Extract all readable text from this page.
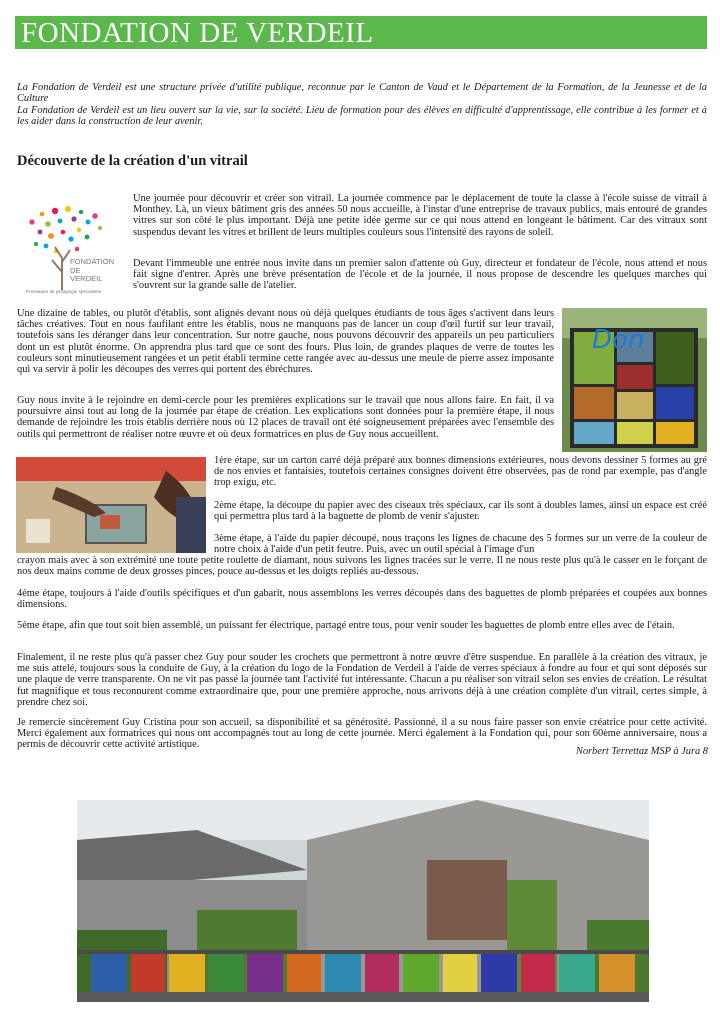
FONDATION DE VERDEIL

La Fondation de Verdeil est une structure privée d'utilité publique, reconnue par le Canton de Vaud et le Département de la Formation, de la Jeunesse et de la Culture

La Fondation de Verdeil est un lieu ouvert sur la vie, sur la société. Lieu de formation pour des élèves en difficulté d'apprentissage, elle contribue à les former et à les aider dans la construction de leur avenir.

Découverte de la création d'un vitrail
FONDATION
DE
VERDEIL
Prestataire de pédagogie spécialisée

Une journée pour découvrir et créer son vitrail. La journée commence par le déplacement de toute la classe à l'école suisse de vitrail à Monthey. Là, un vieux bâtiment gris des années 50 nous accueille, à l'instar d'une entreprise de travaux publics, mais entouré de grandes vitres sur son côté le plus important. Déjà une petite idée germe sur ce qui nous attend en longeant le bâtiment. Car des vitraux sont suspendus devant les vitres et brillent de leurs multiples couleurs sous l'intensité des rayons de soleil.

Devant l'immeuble une entrée nous invite dans un premier salon d'attente où Guy, directeur et fondateur de l'école, nous attend et nous fait signe d'entrer. Après une brève présentation de l'école et de la journée, il nous propose de descendre les quelques marches qui s'ouvrent sur la grande salle de l'atelier.

Don

Une dizaine de tables, ou plutôt d'établis, sont alignés devant nous où déjà quelques étudiants de tous âges s'activent dans leurs tâches créatives. Tout en nous faufilant entre les établis, nous ne manquons pas de lancer un coup d'œil furtif sur leur travail, toutefois sans les déranger dans leur concentration. Sur notre gauche, nous pouvons découvrir des appareils un peu particuliers dont un est plutôt énorme. On apprendra plus tard que ce sont des fours. Plus loin, de grandes plaques de verre de toutes les couleurs sont minutieusement rangées et un petit établi termine cette rangée avec au-dessus une meule de pierre assez imposante qui va servir à polir les découpes des verres qui portent des ébréchures.

Guy nous invite à le rejoindre en demi-cercle pour les premières explications sur le travail que nous allons faire. En fait, il va poursuivre ainsi tout au long de la journée par étape de création. Les explications sont données pour la première étape, il nous demande de rejoindre les trois établis derrière nous où 12 places de travail ont été soigneusement préparées avec l'ensemble des outils qui permettront de réaliser notre œuvre et où deux formatrices en plus de Guy nous accueillent.

1ère étape, sur un carton carré déjà préparé aux bonnes dimensions extérieures, nous devons dessiner 5 formes au gré de nos envies et fantaisies, toutefois certaines consignes doivent être observées, pas de rond par exemple, pas d'angle trop exigu, etc.

2ème étape, la découpe du papier avec des ciseaux très spéciaux, car ils sont à doubles lames, ainsi un espace est créé qui permettra plus tard à la baguette de plomb de venir s'ajuster.

3ème étape, à l'aide du papier découpé, nous traçons les lignes de chacune des 5 formes sur un verre de la couleur de notre choix à l'aide d'un petit feutre. Puis, avec un outil spécial à l'image d'un

crayon mais avec à son extrémité une toute petite roulette de diamant, nous suivons les lignes tracées sur le verre. Il ne nous reste plus qu'à le casser en le forçant de nos deux mains comme de deux grosses pinces, pouce au-dessus et les doigts repliés au-dessous.

4ème étape, toujours à l'aide d'outils spécifiques et d'un gabarit, nous assemblons les verres découpés dans des baguettes de plomb préparées et coupées aux bonnes dimensions.

5ème étape, afin que tout soit bien assemblé, un puissant fer électrique, partagé entre tous, pour venir souder les baguettes de plomb entre elles avec de l'étain.

Finalement, il ne reste plus qu'à passer chez Guy pour souder les crochets que permettront à notre œuvre d'être suspendue. En parallèle à la création des vitraux, je me suis attelé, toujours sous la conduite de Guy, à la création du logo de la Fondation de Verdeil à l'aide de verres spéciaux à fondre au four et qui sont déposés sur une plaque de verre transparente. On ne vit pas passé la journée tant l'activité fut intéressante. Chacun a pu réaliser son vitrail selon ses envies de création. Le résultat fut magnifique et tous reconnurent comme extraordinaire que, pour une première approche, nous arrivons déjà à une création complète d'un vitrail, certes simple, à prendre chez soi.

Je remercie sincèrement Guy Cristina pour son accueil, sa disponibilité et sa générosité. Passionné, il a su nous faire passer son envie créatrice pour cette activité. Merci également aux formatrices qui nous ont accompagnés tout au long de cette journée. Merci également à la Fondation qui, pour son 60ème anniversaire, nous a permis de découvrir cette activité artistique.

Norbert Terrettaz MSP à Jura 8
